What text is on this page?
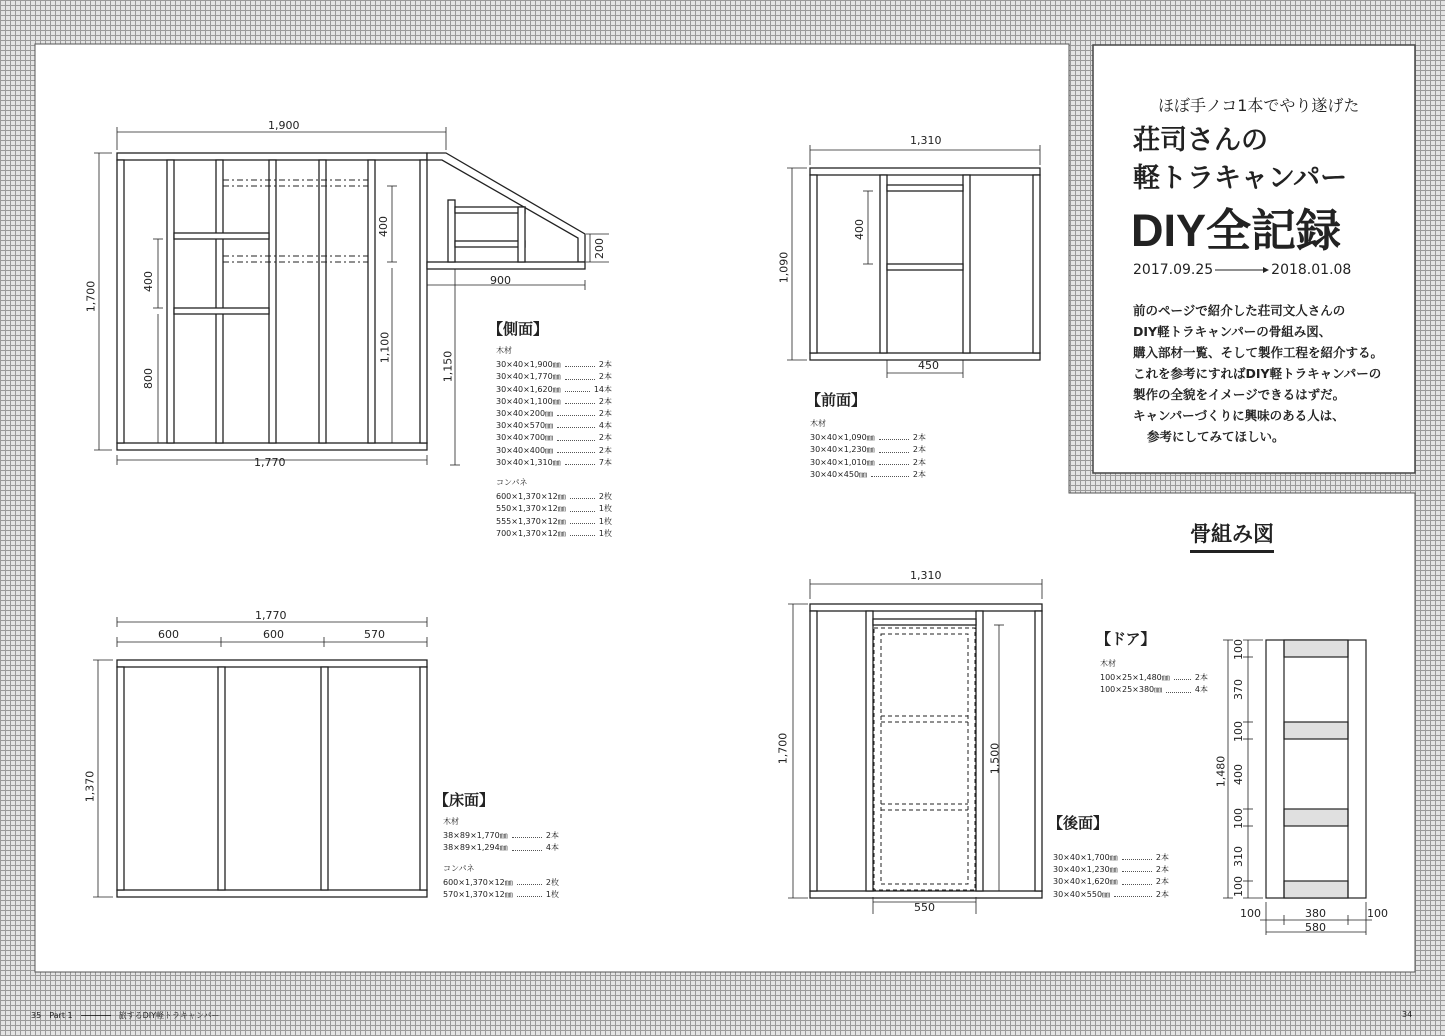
1,900
1,770
1,700	400
800
400
1,100
1,150
900
200
【側面】
木材
30×40×1,900㎜	2本
30×40×1,770㎜	2本
30×40×1,620㎜	14本
30×40×1,100㎜	2本
30×40×200㎜	2本
30×40×570㎜	4本
30×40×700㎜	2本
30×40×400㎜	2本
30×40×1,310㎜	7本
コンパネ
600×1,370×12㎜	2枚
550×1,370×12㎜	1枚
555×1,370×12㎜	1枚
700×1,370×12㎜	1枚
1,310
1,090
400
450
【前面】
木材
30×40×1,090㎜	2本
30×40×1,230㎜	2本
30×40×1,010㎜	2本
30×40×450㎜	2本
ほぼ手ノコ1本でやり遂げた
荘司さんの
軽トラキャンパー
DIY全記録
2017.09.25	2018.01.08
前のページで紹介した荘司文人さんの
DIY軽トラキャンパーの骨組み図、
購入部材一覧、そして製作工程を紹介する。
これを参考にすればDIY軽トラキャンパーの
製作の全貌をイメージできるはずだ。
キャンパーづくりに興味のある人は、
参考にしてみてほしい。
骨組み図
1,770
600	600	570
1,370	【床面】
木材
38×89×1,770㎜	2本
38×89×1,294㎜	4本
コンパネ
600×1,370×12㎜	2枚
570×1,370×12㎜	1枚
1,310
1,700	1,500
550
【後面】
30×40×1,700㎜	2本
30×40×1,230㎜	2本
30×40×1,620㎜	2本
30×40×550㎜	2本
【ドア】
木材
100×25×1,480㎜	2本
100×25×380㎜	4本
1,480
100
370
100
400
100
310
100
100	380	100
580
35 Part 1	旅するDIY軽トラキャンパー	34
